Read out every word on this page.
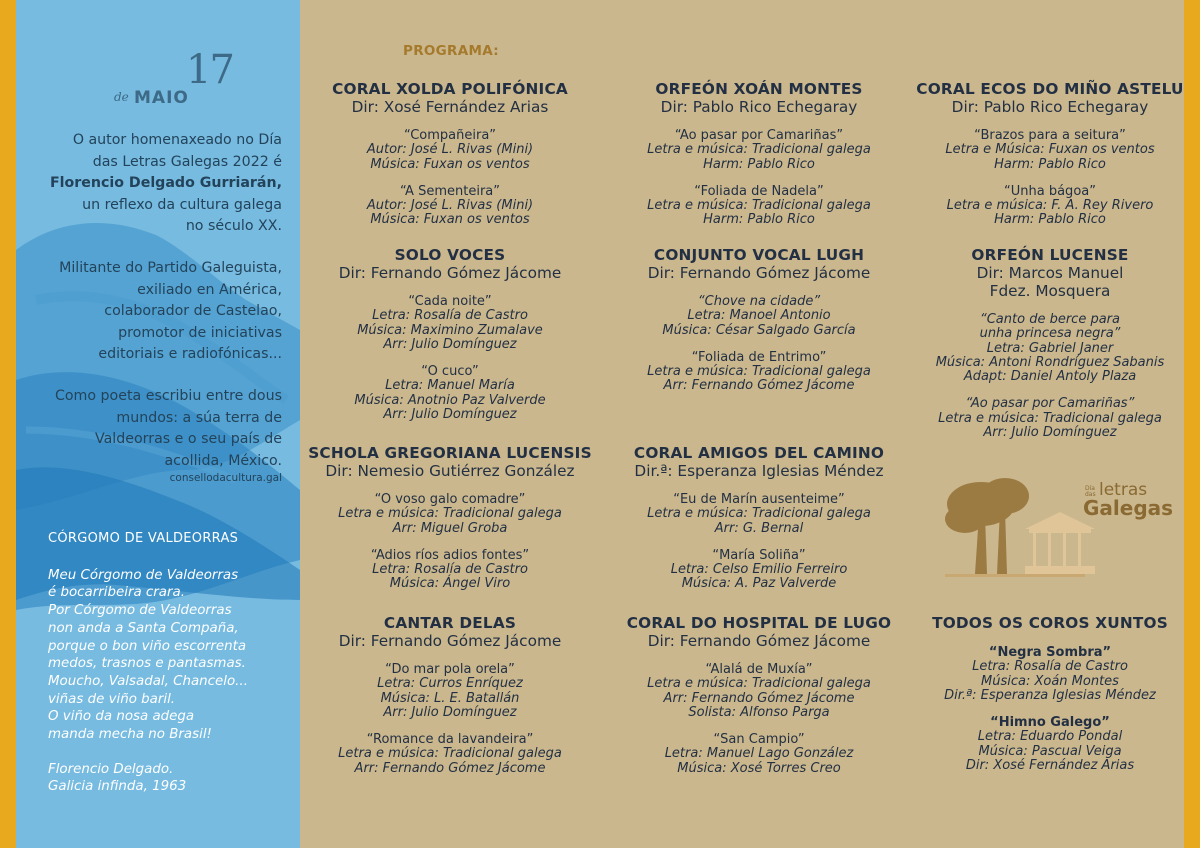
17
de MAIO

O autor homenaxeado no Día

das Letras Galegas 2022 é

Florencio Delgado Gurriarán,

un reflexo da cultura galega

no século XX.

Militante do Partido Galeguista,

exiliado en América,

colaborador de Castelao,

promotor de iniciativas

editoriais e radiofónicas...

Como poeta escribiu entre dous

mundos: a súa terra de

Valdeorras e o seu país de

acollida, México.

consellodacultura.gal
CÓRGOMO DE VALDEORRAS

Meu Córgomo de Valdeorras

é bocarribeira crara.

Por Córgomo de Valdeorras

non anda a Santa Compaña,

porque o bon viño escorrenta

medos, trasnos e pantasmas.

Moucho, Valsadal, Chancelo...

viñas de viño baril.

O viño da nosa adega

manda mecha no Brasil!

Florencio Delgado.

Galicia infinda, 1963

PROGRAMA:
CORAL XOLDA POLIFÓNICA
Dir: Xosé Fernández Arias
“Compañeira”
Autor: José L. Rivas (Mini)
Música: Fuxan os ventos
“A Sementeira”
Autor: José L. Rivas (Mini)
Música: Fuxan os ventos
SOLO VOCES
Dir: Fernando Gómez Jácome
“Cada noite”
Letra: Rosalía de Castro
Música: Maximino Zumalave
Arr: Julio Domínguez
“O cuco”
Letra: Manuel María
Música: Anotnio Paz Valverde
Arr: Julio Domínguez
SCHOLA GREGORIANA LUCENSIS
Dir: Nemesio Gutiérrez González
“O voso galo comadre”
Letra e música: Tradicional galega
Arr: Miguel Groba
“Adios ríos adios fontes”
Letra: Rosalía de Castro
Música: Ángel Viro
CANTAR DELAS
Dir: Fernando Gómez Jácome
“Do mar pola orela”
Letra: Curros Enríquez
Música: L. E. Batallán
Arr: Julio Domínguez
“Romance da lavandeira”
Letra e música: Tradicional galega
Arr: Fernando Gómez Jácome
ORFEÓN XOÁN MONTES
Dir: Pablo Rico Echegaray
“Ao pasar por Camariñas”
Letra e música: Tradicional galega
Harm: Pablo Rico
“Foliada de Nadela”
Letra e música: Tradicional galega
Harm: Pablo Rico
CONJUNTO VOCAL LUGH
Dir: Fernando Gómez Jácome
“Chove na cidade”
Letra: Manoel Antonio
Música: César Salgado García
“Foliada de Entrimo”
Letra e música: Tradicional galega
Arr: Fernando Gómez Jácome
CORAL AMIGOS DEL CAMINO
Dir.ª: Esperanza Iglesias Méndez
“Eu de Marín ausenteime”
Letra e música: Tradicional galega
Arr: G. Bernal
“María Soliña”
Letra: Celso Emilio Ferreiro
Música: A. Paz Valverde
CORAL DO HOSPITAL DE LUGO
Dir: Fernando Gómez Jácome
“Alalá de Muxía”
Letra e música: Tradicional galega
Arr: Fernando Gómez Jácome
Solista: Alfonso Parga
“San Campio”
Letra: Manuel Lago González
Música: Xosé Torres Creo
CORAL ECOS DO MIÑO ASTELU
Dir: Pablo Rico Echegaray
“Brazos para a seitura”
Letra e Música: Fuxan os ventos
Harm: Pablo Rico
“Unha bágoa”
Letra e música: F. A. Rey Rivero
Harm: Pablo Rico
ORFEÓN LUCENSE
Dir: Marcos Manuel
Fdez. Mosquera
“Canto de berce para
unha princesa negra”
Letra: Gabriel Janer
Música: Antoni Rondríguez Sabanis
Adapt: Daniel Antoly Plaza
“Ao pasar por Camariñas”
Letra e música: Tradicional galega
Arr: Julio Domínguez
Día das letras
Galegas
TODOS OS COROS XUNTOS
“Negra Sombra”
Letra: Rosalía de Castro
Música: Xoán Montes
Dir.ª: Esperanza Iglesias Méndez
“Himno Galego”
Letra: Eduardo Pondal
Música: Pascual Veiga
Dir: Xosé Fernández Arias
